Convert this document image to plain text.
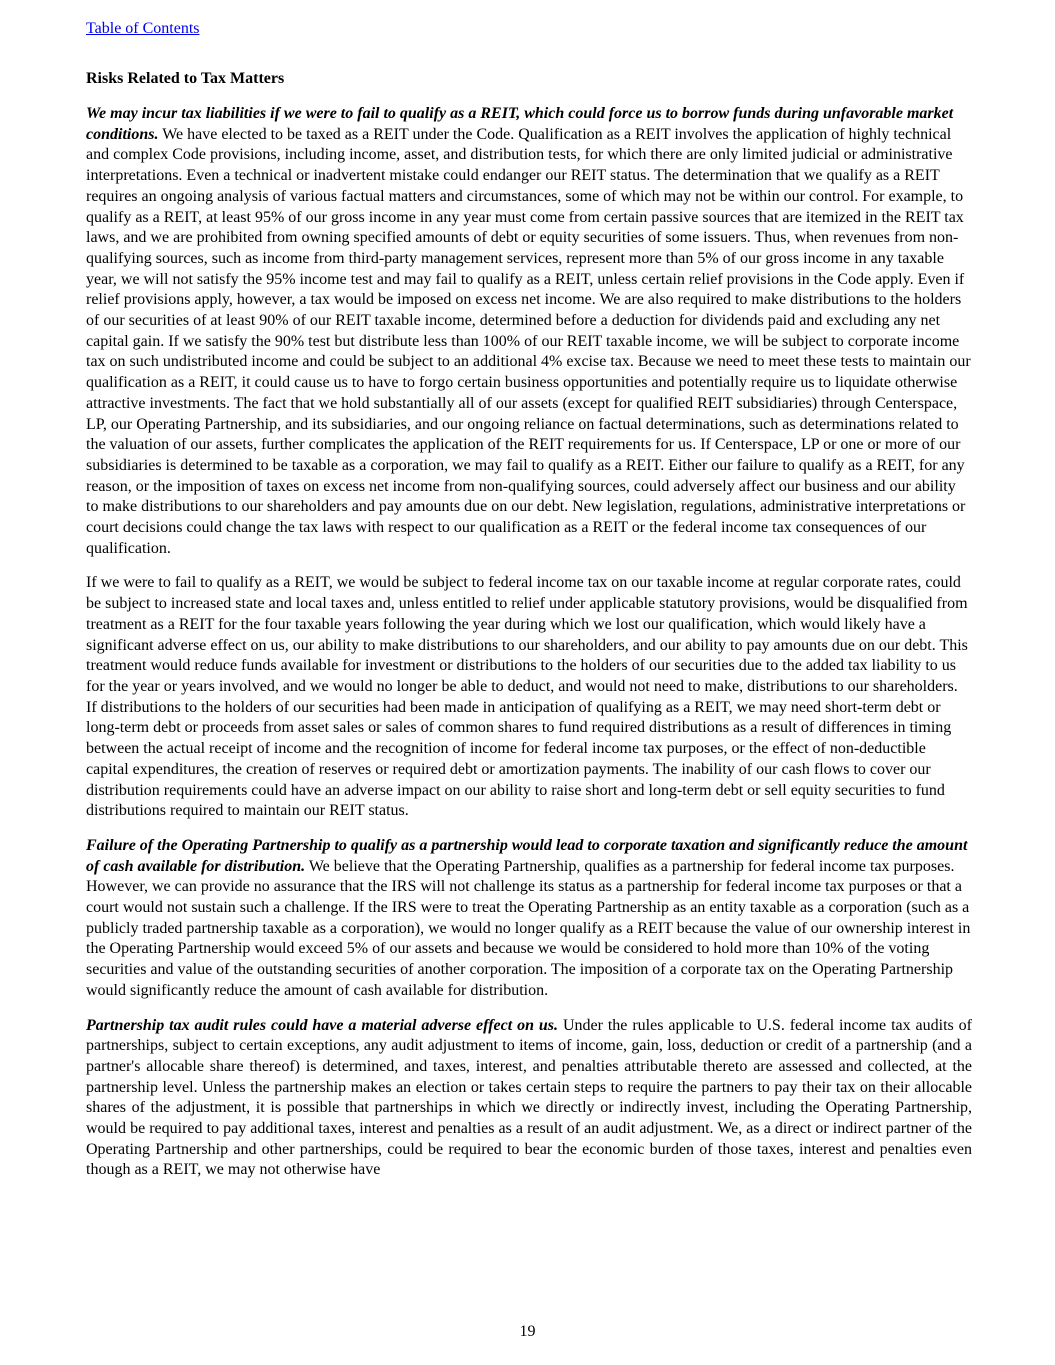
Table of Contents
Risks Related to Tax Matters

We may incur tax liabilities if we were to fail to qualify as a REIT, which could force us to borrow funds during unfavorable market conditions. We have elected to be taxed as a REIT under the Code. Qualification as a REIT involves the application of highly technical and complex Code provisions, including income, asset, and distribution tests, for which there are only limited judicial or administrative interpretations. Even a technical or inadvertent mistake could endanger our REIT status. The determination that we qualify as a REIT requires an ongoing analysis of various factual matters and circumstances, some of which may not be within our control. For example, to qualify as a REIT, at least 95% of our gross income in any year must come from certain passive sources that are itemized in the REIT tax laws, and we are prohibited from owning specified amounts of debt or equity securities of some issuers. Thus, when revenues from non-qualifying sources, such as income from third-party management services, represent more than 5% of our gross income in any taxable year, we will not satisfy the 95% income test and may fail to qualify as a REIT, unless certain relief provisions in the Code apply. Even if relief provisions apply, however, a tax would be imposed on excess net income. We are also required to make distributions to the holders of our securities of at least 90% of our REIT taxable income, determined before a deduction for dividends paid and excluding any net capital gain. If we satisfy the 90% test but distribute less than 100% of our REIT taxable income, we will be subject to corporate income tax on such undistributed income and could be subject to an additional 4% excise tax. Because we need to meet these tests to maintain our qualification as a REIT, it could cause us to have to forgo certain business opportunities and potentially require us to liquidate otherwise attractive investments. The fact that we hold substantially all of our assets (except for qualified REIT subsidiaries) through Centerspace, LP, our Operating Partnership, and its subsidiaries, and our ongoing reliance on factual determinations, such as determinations related to the valuation of our assets, further complicates the application of the REIT requirements for us. If Centerspace, LP or one or more of our subsidiaries is determined to be taxable as a corporation, we may fail to qualify as a REIT. Either our failure to qualify as a REIT, for any reason, or the imposition of taxes on excess net income from non-qualifying sources, could adversely affect our business and our ability to make distributions to our shareholders and pay amounts due on our debt. New legislation, regulations, administrative interpretations or court decisions could change the tax laws with respect to our qualification as a REIT or the federal income tax consequences of our qualification.

If we were to fail to qualify as a REIT, we would be subject to federal income tax on our taxable income at regular corporate rates, could be subject to increased state and local taxes and, unless entitled to relief under applicable statutory provisions, would be disqualified from treatment as a REIT for the four taxable years following the year during which we lost our qualification, which would likely have a significant adverse effect on us, our ability to make distributions to our shareholders, and our ability to pay amounts due on our debt. This treatment would reduce funds available for investment or distributions to the holders of our securities due to the added tax liability to us for the year or years involved, and we would no longer be able to deduct, and would not need to make, distributions to our shareholders. If distributions to the holders of our securities had been made in anticipation of qualifying as a REIT, we may need short-term debt or long-term debt or proceeds from asset sales or sales of common shares to fund required distributions as a result of differences in timing between the actual receipt of income and the recognition of income for federal income tax purposes, or the effect of non-deductible capital expenditures, the creation of reserves or required debt or amortization payments. The inability of our cash flows to cover our distribution requirements could have an adverse impact on our ability to raise short and long-term debt or sell equity securities to fund distributions required to maintain our REIT status.

Failure of the Operating Partnership to qualify as a partnership would lead to corporate taxation and significantly reduce the amount of cash available for distribution. We believe that the Operating Partnership, qualifies as a partnership for federal income tax purposes. However, we can provide no assurance that the IRS will not challenge its status as a partnership for federal income tax purposes or that a court would not sustain such a challenge. If the IRS were to treat the Operating Partnership as an entity taxable as a corporation (such as a publicly traded partnership taxable as a corporation), we would no longer qualify as a REIT because the value of our ownership interest in the Operating Partnership would exceed 5% of our assets and because we would be considered to hold more than 10% of the voting securities and value of the outstanding securities of another corporation. The imposition of a corporate tax on the Operating Partnership would significantly reduce the amount of cash available for distribution.

Partnership tax audit rules could have a material adverse effect on us. Under the rules applicable to U.S. federal income tax audits of partnerships, subject to certain exceptions, any audit adjustment to items of income, gain, loss, deduction or credit of a partnership (and a partner's allocable share thereof) is determined, and taxes, interest, and penalties attributable thereto are assessed and collected, at the partnership level. Unless the partnership makes an election or takes certain steps to require the partners to pay their tax on their allocable shares of the adjustment, it is possible that partnerships in which we directly or indirectly invest, including the Operating Partnership, would be required to pay additional taxes, interest and penalties as a result of an audit adjustment. We, as a direct or indirect partner of the Operating Partnership and other partnerships, could be required to bear the economic burden of those taxes, interest and penalties even though as a REIT, we may not otherwise have

19
